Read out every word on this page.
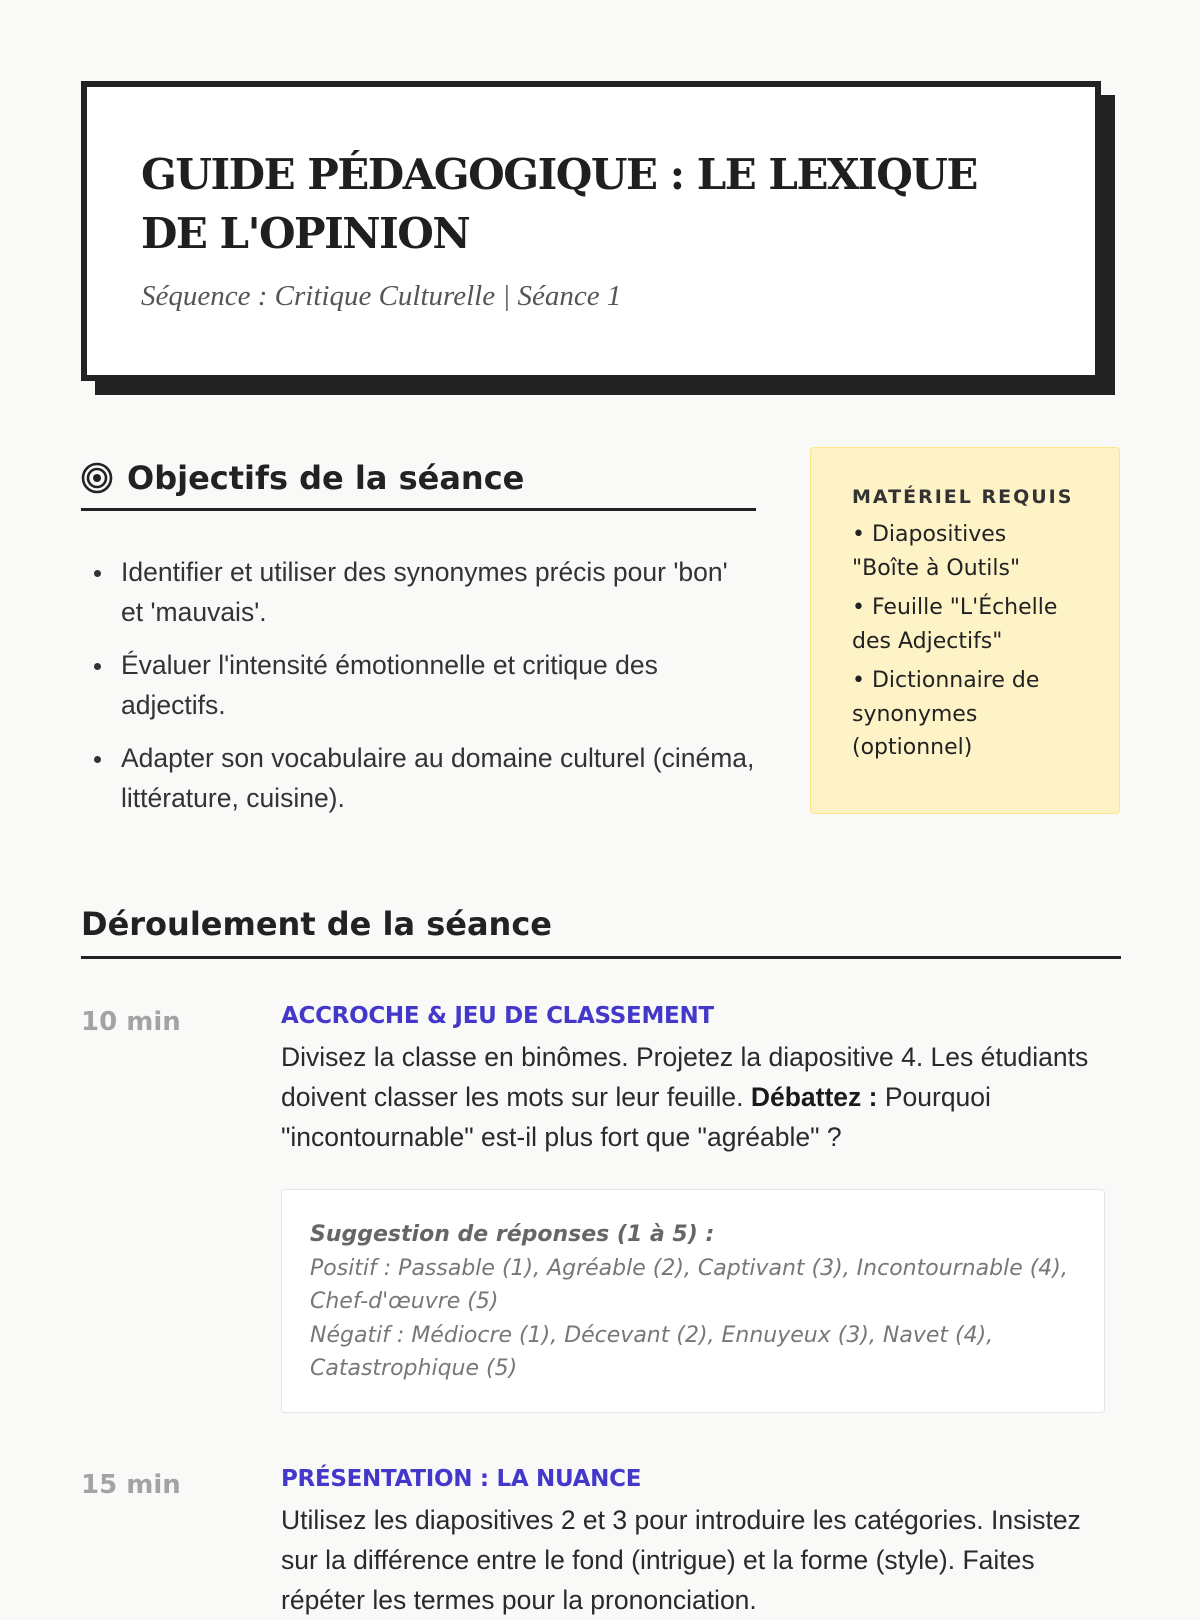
GUIDE PÉDAGOGIQUE : LE LEXIQUE DE L'OPINION

Séquence : Critique Culturelle | Séance 1

Objectifs de la séance
Identifier et utiliser des synonymes précis pour 'bon' et 'mauvais'.
Évaluer l'intensité émotionnelle et critique des adjectifs.
Adapter son vocabulaire au domaine culturel (cinéma, littérature, cuisine).

MATÉRIEL REQUIS

• Diapositives "Boîte à Outils"
• Feuille "L'Échelle des Adjectifs"
• Dictionnaire de synonymes (optionnel)
Déroulement de la séance
10 min	ACCROCHE & JEU DE CLASSEMENT

Divisez la classe en binômes. Projetez la diapositive 4. Les étudiants doivent classer les mots sur leur feuille. Débattez : Pourquoi "incontournable" est-il plus fort que "agréable" ?

Suggestion de réponses (1 à 5) :

Positif : Passable (1), Agréable (2), Captivant (3), Incontournable (4), Chef-d'œuvre (5)

Négatif : Médiocre (1), Décevant (2), Ennuyeux (3), Navet (4), Catastrophique (5)

15 min	PRÉSENTATION : LA NUANCE

Utilisez les diapositives 2 et 3 pour introduire les catégories. Insistez sur la différence entre le fond (intrigue) et la forme (style). Faites répéter les termes pour la prononciation.
